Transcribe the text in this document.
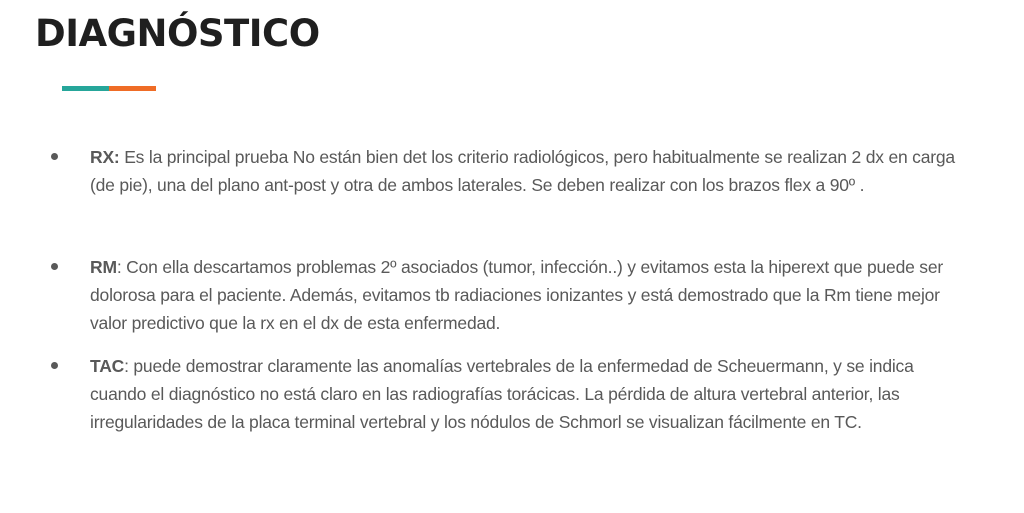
DIAGNÓSTICO

RX: Es la principal prueba No están bien det los criterio radiológicos, pero habitualmente se realizan 2 dx en carga (de pie), una del plano ant-post y otra de ambos laterales. Se deben realizar con los brazos flex a 90º .

RM: Con ella descartamos problemas 2º asociados (tumor, infección..) y evitamos esta la hiperext que puede ser dolorosa para el paciente. Además, evitamos tb radiaciones ionizantes y está demostrado que la Rm tiene mejor valor predictivo que la rx en el dx de esta enfermedad.

TAC: puede demostrar claramente las anomalías vertebrales de la enfermedad de Scheuermann, y se indica cuando el diagnóstico no está claro en las radiografías torácicas. La pérdida de altura vertebral anterior, las irregularidades de la placa terminal vertebral y los nódulos de Schmorl se visualizan fácilmente en TC.
